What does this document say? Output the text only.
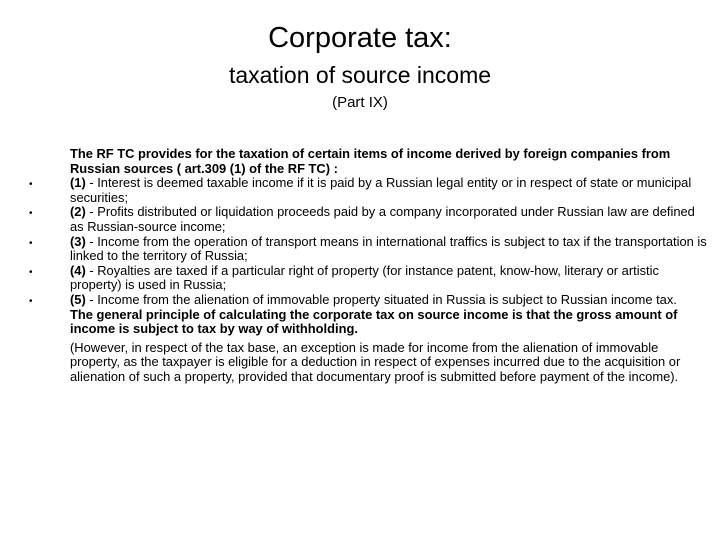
Corporate tax:
taxation of source income
(Part IX)

The RF TC provides for the taxation of certain items of income derived by foreign companies from Russian sources ( art.309 (1) of the RF TC) :

•	(1) - Interest is deemed taxable income if it is paid by a Russian legal entity or in respect of state or municipal securities;

•	(2) - Profits distributed or liquidation proceeds paid by a company incorporated under Russian law are defined as Russian-source income;

•	(3) - Income from the operation of transport means in international traffics is subject to tax if the transportation is linked to the territory of Russia;

•	(4) - Royalties are taxed if a particular right of property (for instance patent, know-how, literary or artistic property) is used in Russia;

•	(5) - Income from the alienation of immovable property situated in Russia is subject to Russian income tax.

The general principle of calculating the corporate tax on source income is that the gross amount of income is subject to tax by way of withholding.

(However, in respect of the tax base, an exception is made for income from the alienation of immovable property, as the taxpayer is eligible for a deduction in respect of expenses incurred due to the acquisition or alienation of such a property, provided that documentary proof is submitted before payment of the income).
